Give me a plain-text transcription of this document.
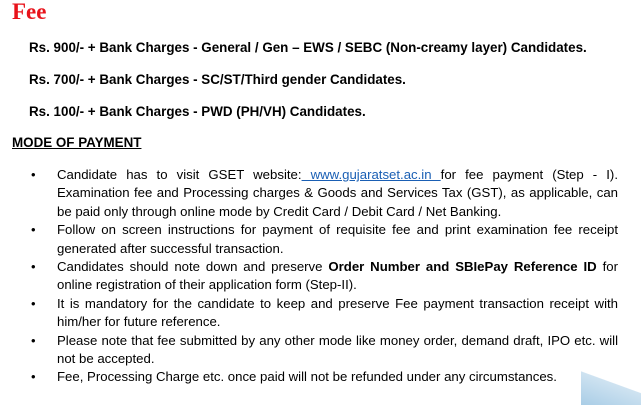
Fee
Rs. 900/- + Bank Charges - General / Gen – EWS / SEBC (Non-creamy layer) Candidates.
Rs. 700/- + Bank Charges - SC/ST/Third gender Candidates.
Rs. 100/- + Bank Charges - PWD (PH/VH) Candidates.
MODE OF PAYMENT
• Candidate has to visit GSET website: www.gujaratset.ac.in for fee payment (Step - I). Examination fee and Processing charges & Goods and Services Tax (GST), as applicable, can be paid only through online mode by Credit Card / Debit Card / Net Banking.
• Follow on screen instructions for payment of requisite fee and print examination fee receipt generated after successful transaction.
• Candidates should note down and preserve Order Number and SBIePay Reference ID for online registration of their application form (Step-II).
• It is mandatory for the candidate to keep and preserve Fee payment transaction receipt with him/her for future reference.
• Please note that fee submitted by any other mode like money order, demand draft, IPO etc. will not be accepted.
• Fee, Processing Charge etc. once paid will not be refunded under any circumstances.
